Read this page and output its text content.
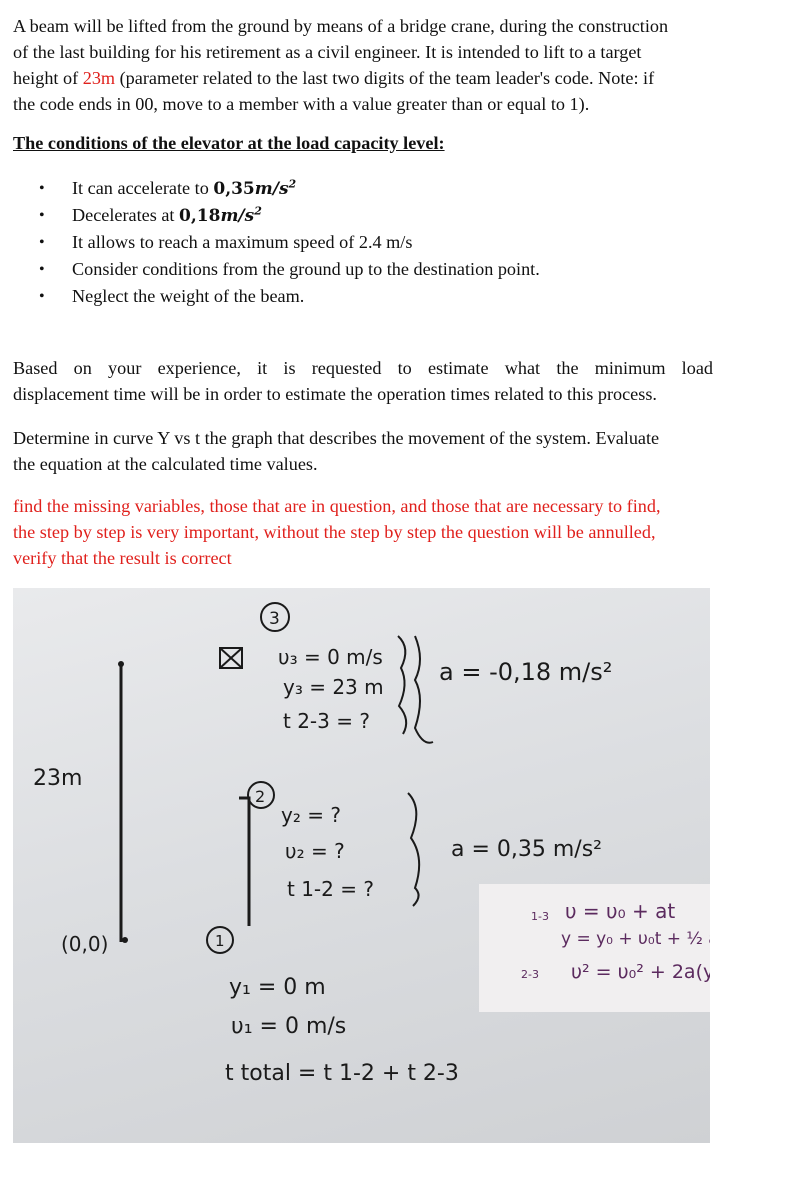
A beam will be lifted from the ground by means of a bridge crane, during the construction
of the last building for his retirement as a civil engineer. It is intended to lift to a target
height of 23m (parameter related to the last two digits of the team leader's code. Note: if
the code ends in 00, move to a member with a value greater than or equal to 1).
The conditions of the elevator at the load capacity level:
• It can accelerate to $0,35m/s^2$
• Decelerates at $0,18m/s^2$
• It allows to reach a maximum speed of 2.4 m/s
• Consider conditions from the ground up to the destination point.
• Neglect the weight of the beam.
Based on your experience, it is requested to estimate what the minimum load
displacement time will be in order to estimate the operation times related to this process.
Determine in curve Y vs t the graph that describes the movement of the system. Evaluate
the equation at the calculated time values.
find the missing variables, those that are in question, and those that are necessary to find,
the step by step is very important, without the step by step the question will be annulled,
verify that the result is correct
23m
(0,0)
3
υ₃ = 0 m/s
y₃ = 23 m
t 2-3 = ?
a = -0,18 m/s²
2
y₂ = ?
υ₂ = ?
t 1-2 = ?
a = 0,35 m/s²
1
y₁ = 0 m
υ₁ = 0 m/s
t total = t 1-2 + t 2-3
1-3 υ = υ₀ + at
y = y₀ + υ₀t + ½ at²
2-3 υ² = υ₀² + 2a(y - y₀)
